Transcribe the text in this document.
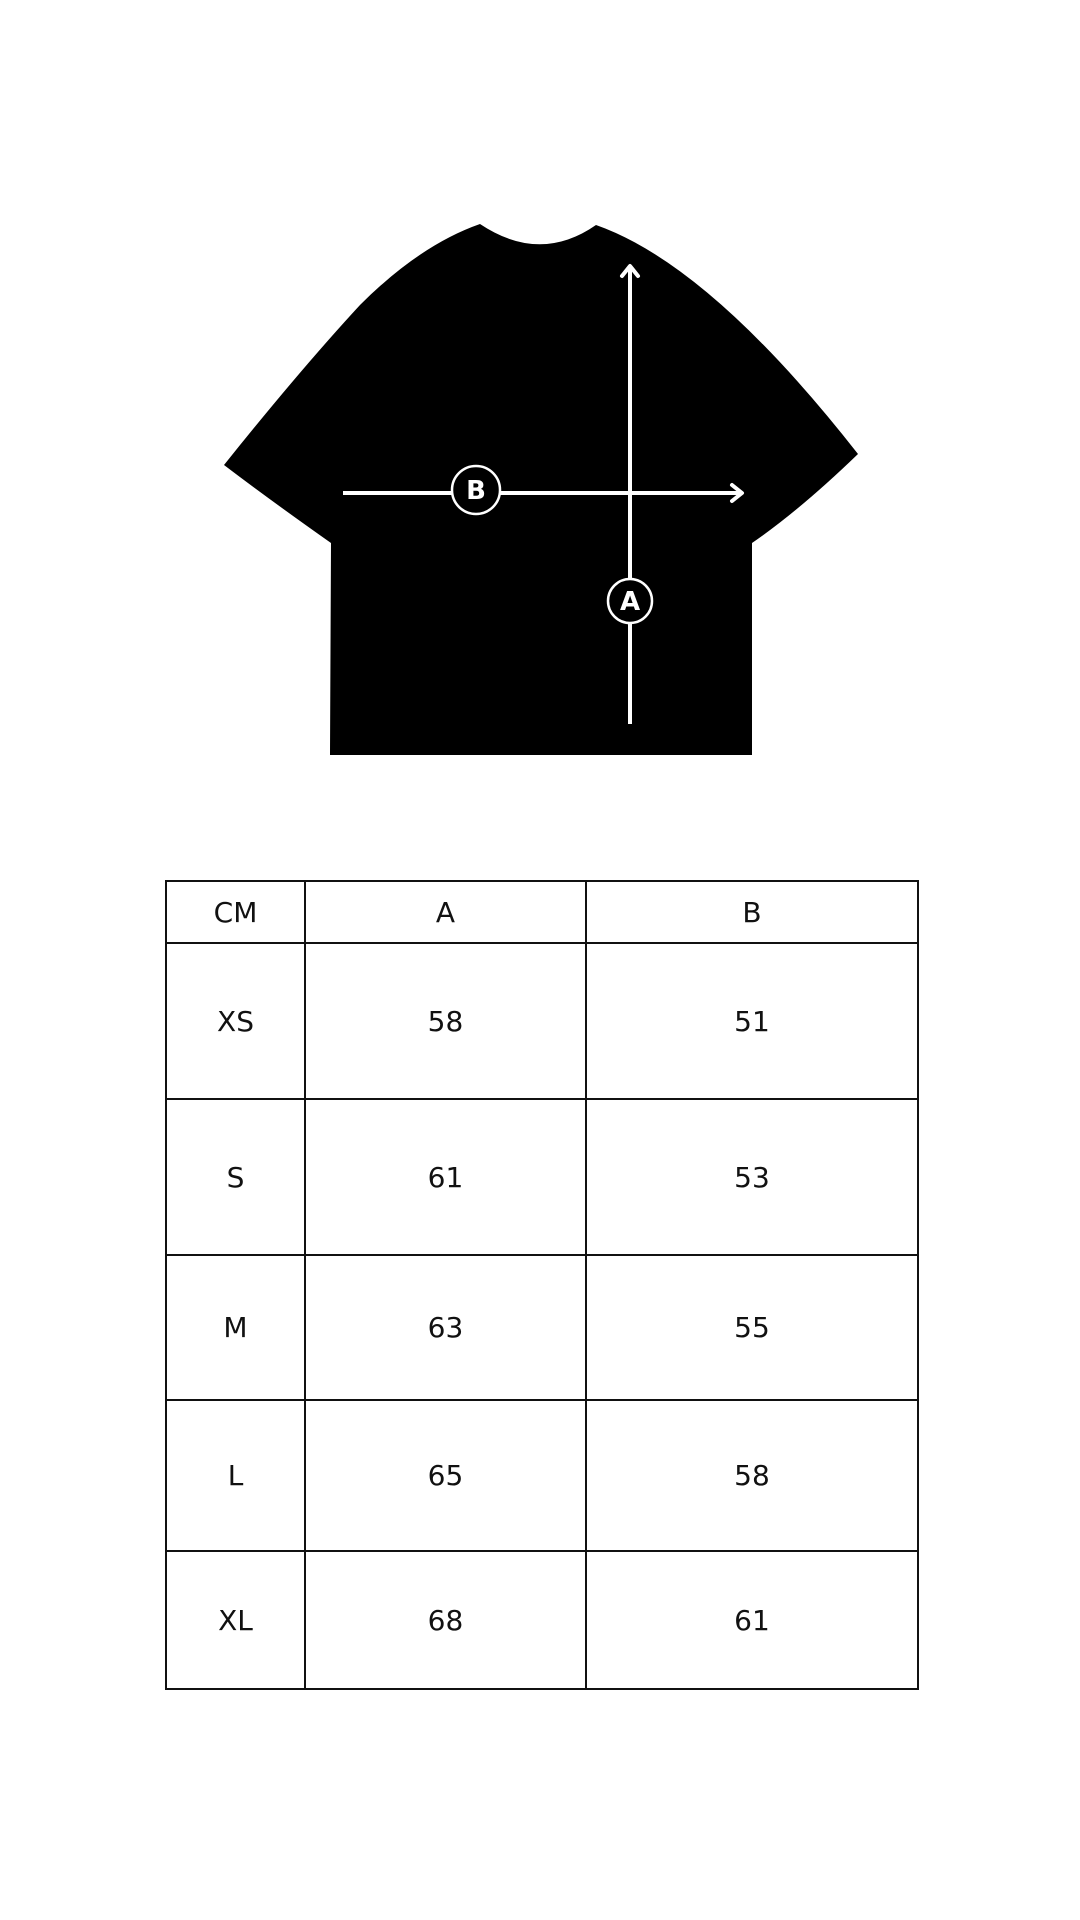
B
A
CM	A	B
XS	58	51
S	61	53
M	63	55
L	65	58
XL	68	61
